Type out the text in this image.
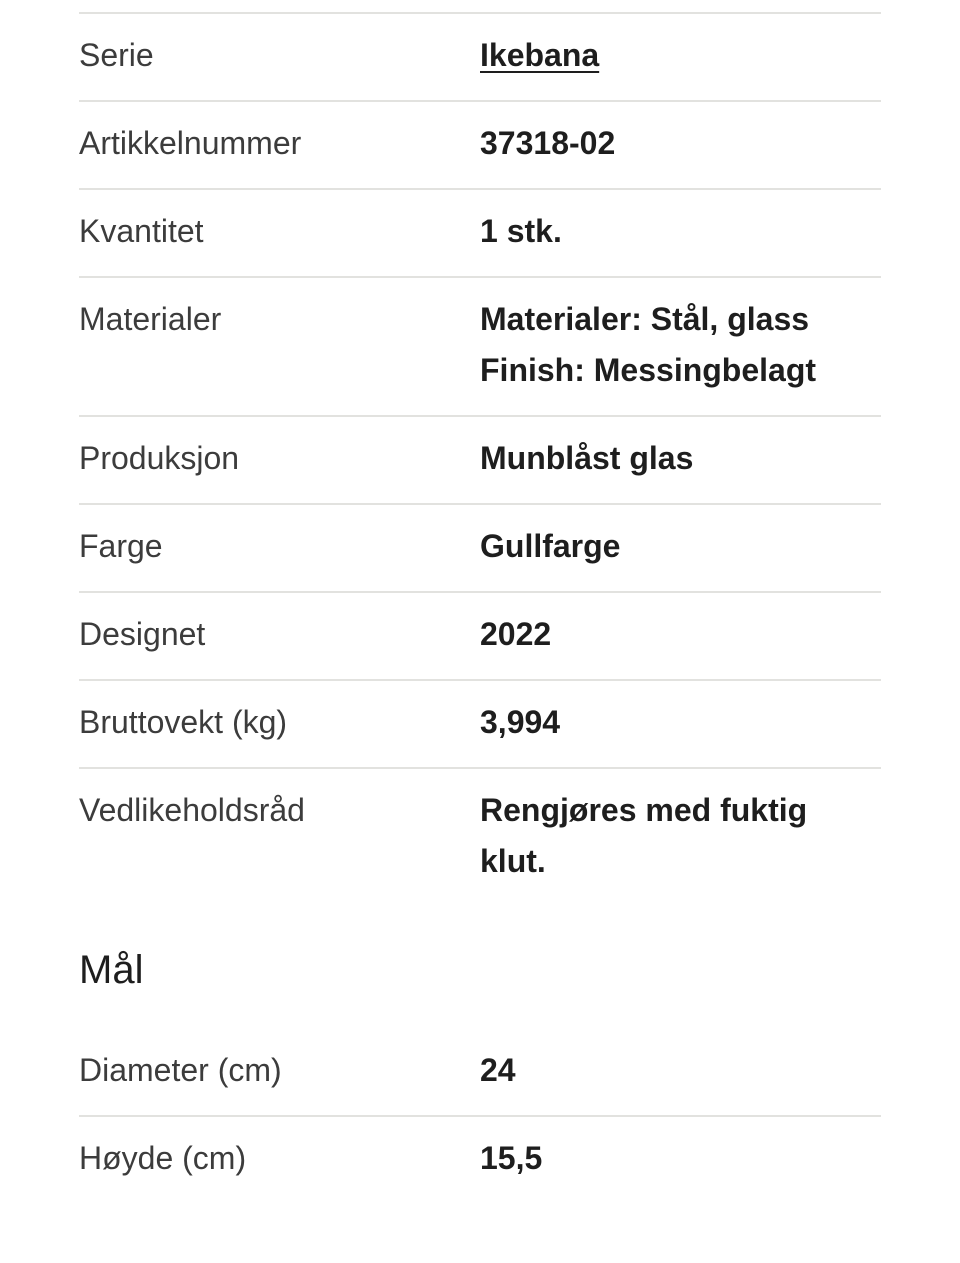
Serie	Ikebana
Artikkelnummer	37318-02
Kvantitet	1 stk.
Materialer	Materialer: Stål, glass
Finish: Messingbelagt
Produksjon	Munblåst glas
Farge	Gullfarge
Designet	2022
Bruttovekt (kg)	3,994
Vedlikeholdsråd	Rengjøres med fuktig
klut.
Mål
Diameter (cm)	24
Høyde (cm)	15,5
